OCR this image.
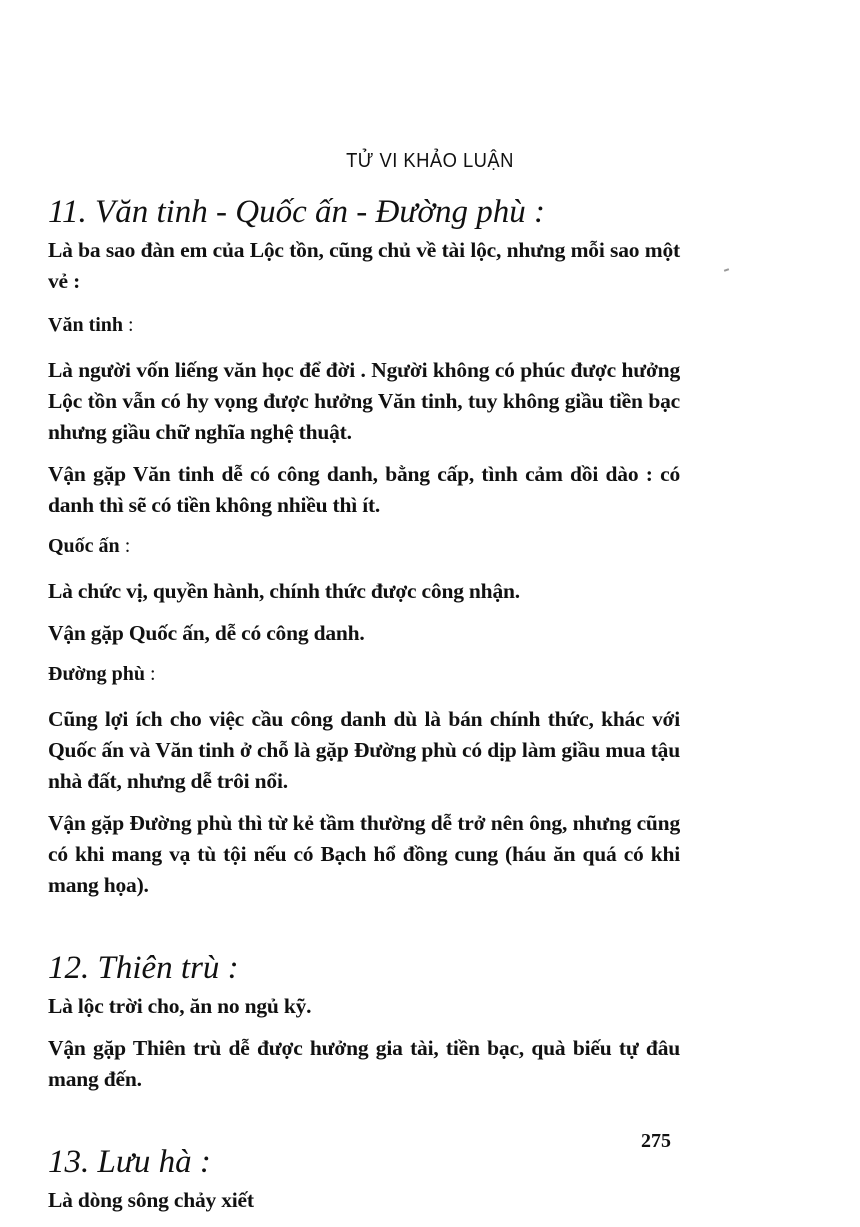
TỬ VI KHẢO LUẬN
11. Văn tinh - Quốc ấn - Đường phù :

Là ba sao đàn em của Lộc tồn, cũng chủ về tài lộc, nhưng mỗi sao một vẻ :

Văn tinh :

Là người vốn liếng văn học để đời . Người không có phúc được hưởng Lộc tồn vẫn có hy vọng được hưởng Văn tinh, tuy không giầu tiền bạc nhưng giầu chữ nghĩa nghệ thuật.

Vận gặp Văn tinh dễ có công danh, bằng cấp, tình cảm dồi dào : có danh thì sẽ có tiền không nhiều thì ít.

Quốc ấn :

Là chức vị, quyền hành, chính thức được công nhận.

Vận gặp Quốc ấn, dễ có công danh.

Đường phù :

Cũng lợi ích cho việc cầu công danh dù là bán chính thức, khác với Quốc ấn và Văn tinh ở chỗ là gặp Đường phù có dịp làm giầu mua tậu nhà đất, nhưng dễ trôi nổi.

Vận gặp Đường phù thì từ kẻ tầm thường dễ trở nên ông, nhưng cũng có khi mang vạ tù tội nếu có Bạch hổ đồng cung (háu ăn quá có khi mang họa).

12. Thiên trù :

Là lộc trời cho, ăn no ngủ kỹ.

Vận gặp Thiên trù dễ được hưởng gia tài, tiền bạc, quà biếu tự đâu mang đến.

13. Lưu hà :

Là dòng sông chảy xiết

275
